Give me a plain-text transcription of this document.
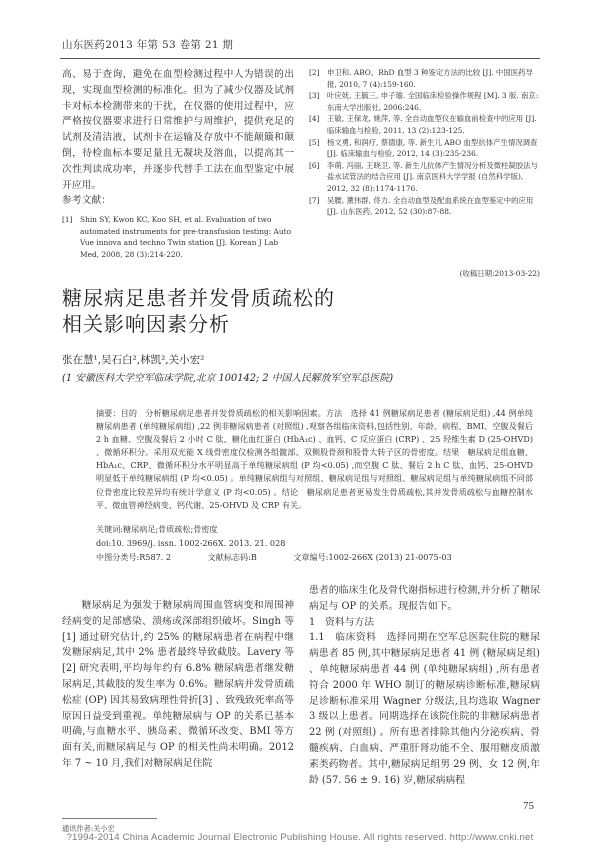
山东医药2013 年第 53 卷第 21 期

高、易于查询，避免在血型检测过程中人为错误的出现，实现血型检测的标准化。但为了减少仪器及试剂卡对标本检测带来的干扰，在仪器的使用过程中，应严格按仪器要求进行日常维护与周维护，提供充足的试剂及清洁液，试剂卡在运输及存放中不能颠簸和颠倒，待检血标本要足量且无凝块及溶血，以提高其一次性判读成功率，并逐步代替手工法在血型鉴定中展开应用。

参考文献：

[1] Shin SY, Kwon KC, Koo SH, et al. Evaluation of two automated instruments for pre-transfusion testing: Auto Vue innova and techno Twin station [J]. Korean J Lab Med, 2008, 28 (3):214-220.
[2] 申卫和. ABO、RhD 血型 3 种鉴定方法的比较 [J]. 中国医药导报, 2010, 7 (4):159-160.
[3] 叶应妩, 王毓三, 申子瑜. 全国临床检验操作规程 [M]. 3 版. 南京: 东南大学出版社, 2006:246.
[4] 王敏, 王保龙, 姚萍, 等. 全自动血型仪在输血前检查中的应用 [J]. 临床输血与检验, 2011, 13 (2):123-125.
[5] 杨文勇, 和润疗, 蔡德康, 等. 新生儿 ABO 血型抗体产生情况调查 [J]. 临床输血与检验, 2012, 14 (3):235-236.
[6] 李萌, 冯丽, 王晓卫, 等. 新生儿抗体产生情况分析及微柱凝胶法与盐水试管法的结合应用 [J]. 南京医科大学学报 (自然科学版), 2012, 32 (8):1174-1176.
[7] 吴腰, 薰伟群, 佟力. 全自动血型及配血系统在血型鉴定中的应用 [J]. 山东医药, 2012, 52 (30):87-88.
(收稿日期:2013-03-22)
糖尿病足患者并发骨质疏松的
相关影响因素分析
张在慧¹,吴石白²,林凯²,关小宏²
(1 安徽医科大学空军临床学院,北京 100142; 2 中国人民解放军空军总医院)
摘要：目的　分析糖尿病足患者并发骨质疏松的相关影响因素。方法　选择 41 例糖尿病足患者 (糖尿病足组) ,44 例单纯糖尿病患者 (单纯糖尿病组) ,22 例非糖尿病患者 (对照组) ,观察各组临床资料,包括性别、年龄、病程、BMI、空腹及餐后 2 h 血糖、空腹及餐后 2 小时 C 肽、糖化血红蛋白 (HbA₁c) 、血钙、C 反应蛋白 (CRP) 、25 羟维生素 D (25-OHVD) 、微循环积分。采用双光能 X 线骨密度仪检测各组髋部、双侧股骨颈和股骨大转子区的骨密度。结果　糖尿病足组血糖、HbA₁c、CRP、微循环积分水平明显高于单纯糖尿病组 (P 均<0.05) ,而空腹 C 肽、餐后 2 h C 肽、血钙、25-OHVD 明显低于单纯糖尿病组 (P 均<0.05) 。单纯糖尿病组与对照组、糖尿病足组与对照组、糖尿病足组与单纯糖尿病组不同部位骨密度比较差异均有统计学意义 (P 均<0.05) 。结论　糖尿病足患者更易发生骨质疏松,其并发骨质疏松与血糖控制水平、微血管神经病变、钙代谢、25-OHVD 及 CRP 有关。
关键词:糖尿病足;骨质疏松;骨密度
doi:10. 3969/j. issn. 1002-266X. 2013. 21. 028
中图分类号:R587. 2	文献标志码:B	文章编号:1002-266X (2013) 21-0075-03

糖尿病足为强发于糖尿病周围血管病变和周围神经病变的足部感染、溃疡或深部组织破坏。Singh 等[1] 通过研究估计,约 25% 的糖尿病患者在病程中继发糖尿病足,其中 2% 患者最终导致截肢。Lavery 等[2] 研究表明,平均每年约有 6.8% 糖尿病患者继发糖尿病足,其截肢的发生率为 0.6%。糖尿病并发骨质疏松症 (OP) 因其易致病理性骨折[3] 、致残致死率高等原因日益受到重视。单纯糖尿病与 OP 的关系已基本明确,与血糖水平、胰岛素、微循环改变、BMI 等方面有关,而糖尿病足与 OP 的相关性尚未明确。2012 年 7 ~ 10 月,我们对糖尿病足住院

患者的临床生化及骨代谢指标进行检测,并分析了糖尿病足与 OP 的关系。现报告如下。

1　资料与方法

1.1　临床资料　选择同期在空军总医院住院的糖尿病患者 85 例,其中糖尿病足患者 41 例 (糖尿病足组) 、单纯糖尿病患者 44 例 (单纯糖尿病组) ,所有患者符合 2000 年 WHO 制订的糖尿病诊断标准,糖尿病足诊断标准采用 Wagner 分级法,且均选取 Wagner 3 级以上患者。同期选择在该院住院的非糖尿病患者 22 例 (对照组) 。所有患者排除其他内分泌疾病、骨髓疾病、白血病、严重肝肾功能不全、服用糖皮质激素类药物者。其中,糖尿病足组男 29 例、女 12 例,年龄 (57. 56 ± 9. 16) 岁,糖尿病病程

通讯作者:关小宏
75
?1994-2014 China Academic Journal Electronic Publishing House. All rights reserved. http://www.cnki.net
